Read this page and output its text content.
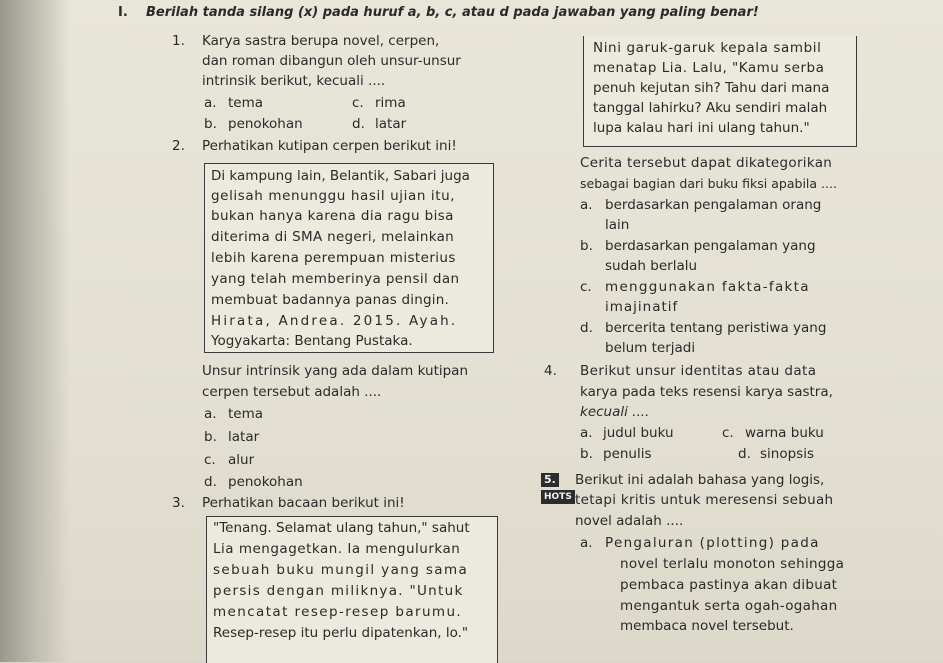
I. Berilah tanda silang (x) pada huruf a, b, c, atau d pada jawaban yang paling benar!
1. Karya sastra berupa novel, cerpen,
dan roman dibangun oleh unsur-unsur
intrinsik berikut, kecuali ....
a. tema	c. rima
b. penokohan	d. latar
2. Perhatikan kutipan cerpen berikut ini!
Di kampung lain, Belantik, Sabari juga
gelisah menunggu hasil ujian itu,
bukan hanya karena dia ragu bisa
diterima di SMA negeri, melainkan
lebih karena perempuan misterius
yang telah memberinya pensil dan
membuat badannya panas dingin.
Hirata, Andrea. 2015. Ayah.
Yogyakarta: Bentang Pustaka.
Unsur intrinsik yang ada dalam kutipan
cerpen tersebut adalah ....
a. tema
b. latar
c. alur
d. penokohan
3. Perhatikan bacaan berikut ini!
"Tenang. Selamat ulang tahun," sahut
Lia mengagetkan. Ia mengulurkan
sebuah buku mungil yang sama
persis dengan miliknya. "Untuk
mencatat resep-resep barumu.
Resep-resep itu perlu dipatenkan, lo."
Nini garuk-garuk kepala sambil
menatap Lia. Lalu, "Kamu serba
penuh kejutan sih? Tahu dari mana
tanggal lahirku? Aku sendiri malah
lupa kalau hari ini ulang tahun."
Cerita tersebut dapat dikategorikan
sebagai bagian dari buku fiksi apabila ....
a. berdasarkan pengalaman orang
lain
b. berdasarkan pengalaman yang
sudah berlalu
c. menggunakan fakta-fakta
imajinatif
d. bercerita tentang peristiwa yang
belum terjadi
4. Berikut unsur identitas atau data
karya pada teks resensi karya sastra,
kecuali ....
a. judul buku	c. warna buku
b. penulis	d. sinopsis
5.
HOTS
Berikut ini adalah bahasa yang logis,
tetapi kritis untuk meresensi sebuah
novel adalah ....
a. Pengaluran (plotting) pada
novel terlalu monoton sehingga
pembaca pastinya akan dibuat
mengantuk serta ogah-ogahan
membaca novel tersebut.
